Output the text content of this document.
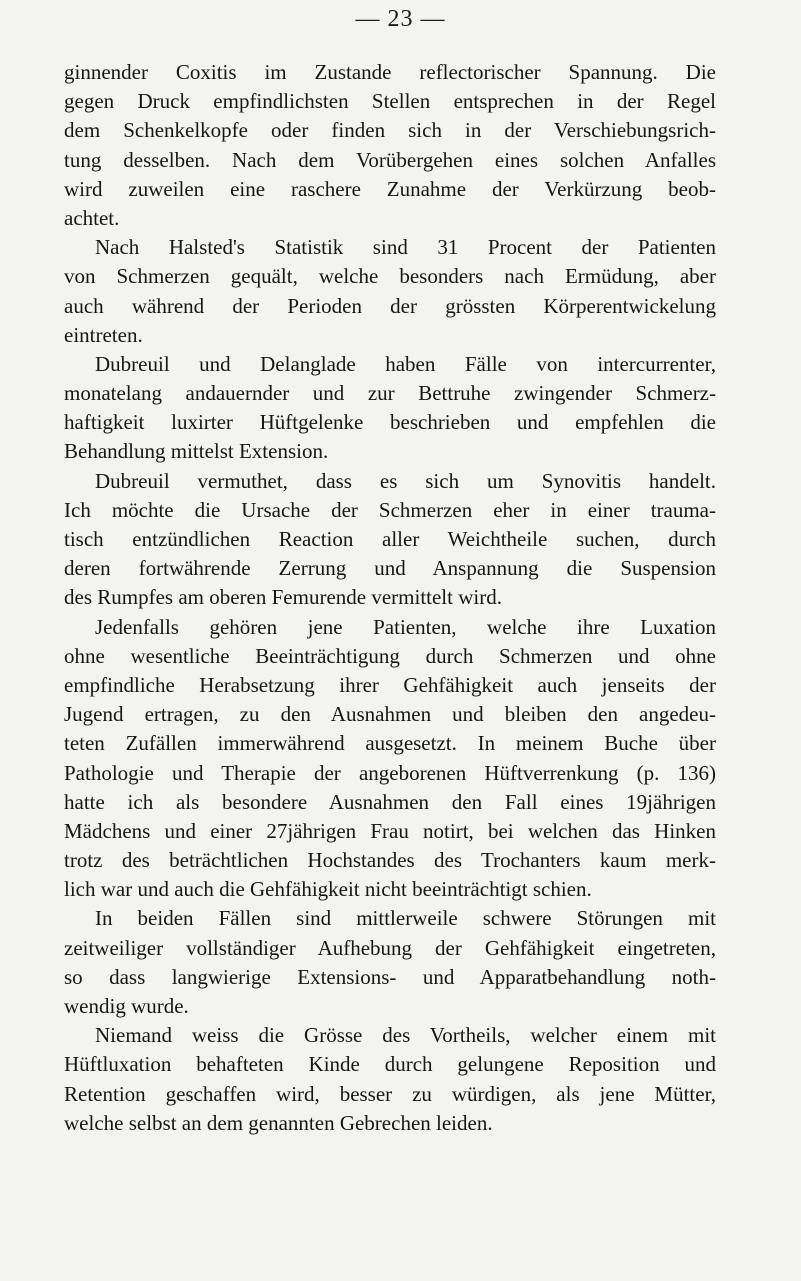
— 23 —
ginnender Coxitis im Zustande reflectorischer Spannung. Die
gegen Druck empfindlichsten Stellen entsprechen in der Regel
dem Schenkelkopfe oder finden sich in der Verschiebungsrich-
tung desselben. Nach dem Vorübergehen eines solchen Anfalles
wird zuweilen eine raschere Zunahme der Verkürzung beob-
achtet.
Nach Halsted's Statistik sind 31 Procent der Patienten
von Schmerzen gequält, welche besonders nach Ermüdung, aber
auch während der Perioden der grössten Körperentwickelung
eintreten.
Dubreuil und Delanglade haben Fälle von intercurrenter,
monatelang andauernder und zur Bettruhe zwingender Schmerz-
haftigkeit luxirter Hüftgelenke beschrieben und empfehlen die
Behandlung mittelst Extension.
Dubreuil vermuthet, dass es sich um Synovitis handelt.
Ich möchte die Ursache der Schmerzen eher in einer trauma-
tisch entzündlichen Reaction aller Weichtheile suchen, durch
deren fortwährende Zerrung und Anspannung die Suspension
des Rumpfes am oberen Femurende vermittelt wird.
Jedenfalls gehören jene Patienten, welche ihre Luxation
ohne wesentliche Beeinträchtigung durch Schmerzen und ohne
empfindliche Herabsetzung ihrer Gehfähigkeit auch jenseits der
Jugend ertragen, zu den Ausnahmen und bleiben den angedeu-
teten Zufällen immerwährend ausgesetzt. In meinem Buche über
Pathologie und Therapie der angeborenen Hüftverrenkung (p. 136)
hatte ich als besondere Ausnahmen den Fall eines 19jährigen
Mädchens und einer 27jährigen Frau notirt, bei welchen das Hinken
trotz des beträchtlichen Hochstandes des Trochanters kaum merk-
lich war und auch die Gehfähigkeit nicht beeinträchtigt schien.
In beiden Fällen sind mittlerweile schwere Störungen mit
zeitweiliger vollständiger Aufhebung der Gehfähigkeit eingetreten,
so dass langwierige Extensions- und Apparatbehandlung noth-
wendig wurde.
Niemand weiss die Grösse des Vortheils, welcher einem mit
Hüftluxation behafteten Kinde durch gelungene Reposition und
Retention geschaffen wird, besser zu würdigen, als jene Mütter,
welche selbst an dem genannten Gebrechen leiden.
